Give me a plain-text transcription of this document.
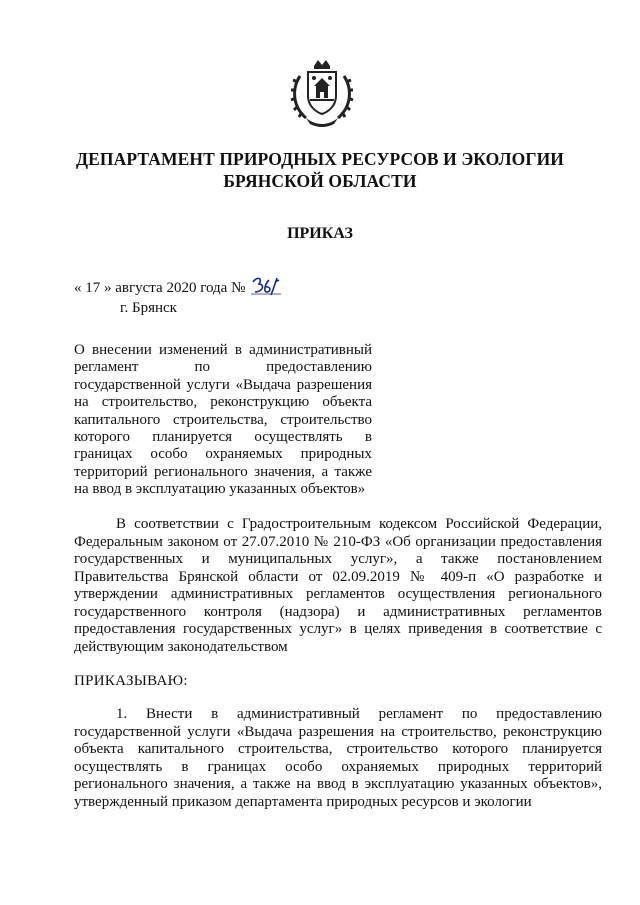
ДЕПАРТАМЕНТ ПРИРОДНЫХ РЕСУРСОВ И ЭКОЛОГИИ
БРЯНСКОЙ ОБЛАСТИ
ПРИКАЗ
« 17 » августа 2020 года №
г. Брянск
О внесении изменений в административный регламент по предоставлению государственной услуги «Выдача разрешения на строительство, реконструкцию объекта капитального строительства, строительство которого планируется осуществлять в границах особо охраняемых природных территорий регионального значения, а также на ввод в эксплуатацию указанных объектов»
В соответствии с Градостроительным кодексом Российской Федерации, Федеральным законом от 27.07.2010 № 210-ФЗ «Об организации предоставления государственных и муниципальных услуг», а также постановлением Правительства Брянской области от 02.09.2019 № 409-п «О разработке и утверждении административных регламентов осуществления регионального государственного контроля (надзора) и административных регламентов предоставления государственных услуг» в целях приведения в соответствие с действующим законодательством
ПРИКАЗЫВАЮ:
1. Внести в административный регламент по предоставлению государственной услуги «Выдача разрешения на строительство, реконструкцию объекта капитального строительства, строительство которого планируется осуществлять в границах особо охраняемых природных территорий регионального значения, а также на ввод в эксплуатацию указанных объектов», утвержденный приказом департамента природных ресурсов и экологии
